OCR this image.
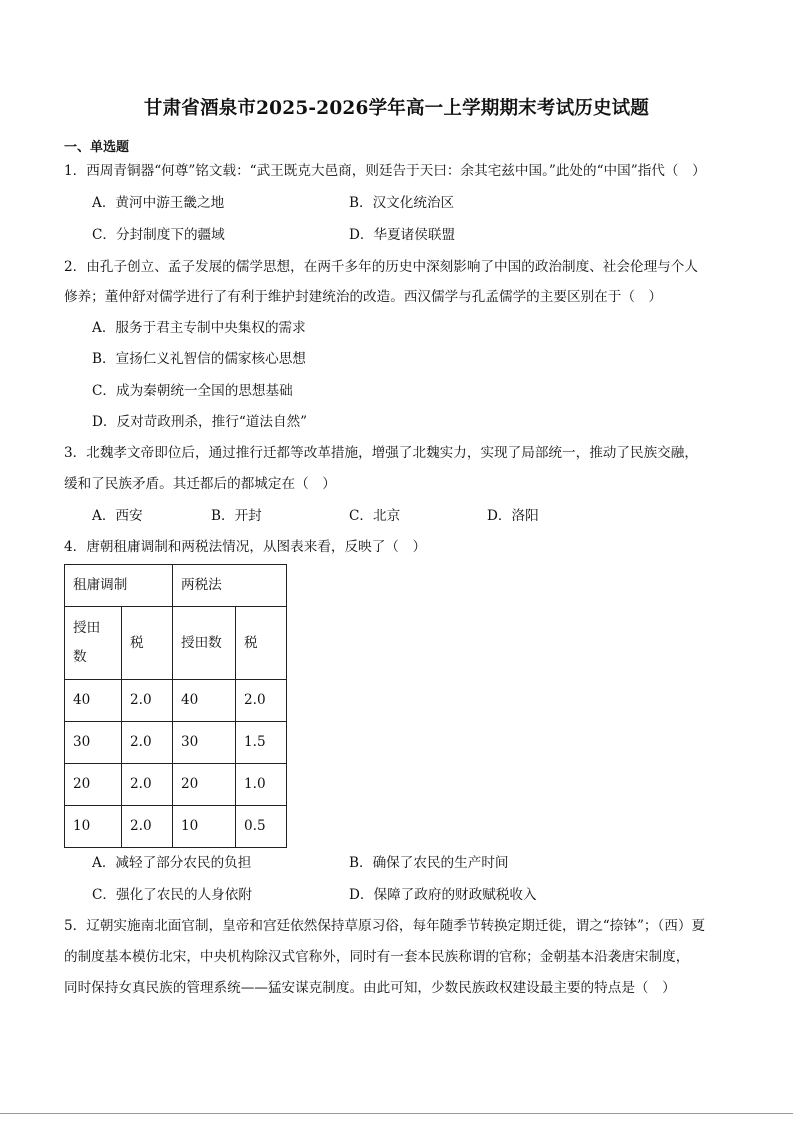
甘肃省酒泉市2025-2026学年高一上学期期末考试历史试题
一、单选题
1．西周青铜器“何尊”铭文载：“武王既克大邑商，则廷告于天曰：余其宅兹中国。”此处的“中国”指代（　）
A．黄河中游王畿之地	B．汉文化统治区
C．分封制度下的疆域	D．华夏诸侯联盟
2．由孔子创立、孟子发展的儒学思想，在两千多年的历史中深刻影响了中国的政治制度、社会伦理与个人
修养；董仲舒对儒学进行了有利于维护封建统治的改造。西汉儒学与孔孟儒学的主要区别在于（　）
A．服务于君主专制中央集权的需求
B．宣扬仁义礼智信的儒家核心思想
C．成为秦朝统一全国的思想基础
D．反对苛政刑杀，推行“道法自然”
3．北魏孝文帝即位后，通过推行迁都等改革措施，增强了北魏实力，实现了局部统一，推动了民族交融，
缓和了民族矛盾。其迁都后的都城定在（　）
A．西安	B．开封	C．北京	D．洛阳
4．唐朝租庸调制和两税法情况，从图表来看，反映了（　）
租庸调制		两税法	
授田
数	税	授田数	税
40	2.0	40	2.0
30	2.0	30	1.5
20	2.0	20	1.0
10	2.0	10	0.5
A．减轻了部分农民的负担	B．确保了农民的生产时间
C．强化了农民的人身依附	D．保障了政府的财政赋税收入
5．辽朝实施南北面官制，皇帝和宫廷依然保持草原习俗，每年随季节转换定期迁徙，谓之“捺钵”；（西）夏
的制度基本模仿北宋，中央机构除汉式官称外，同时有一套本民族称谓的官称；金朝基本沿袭唐宋制度，
同时保持女真民族的管理系统——猛安谋克制度。由此可知，少数民族政权建设最主要的特点是（　）
